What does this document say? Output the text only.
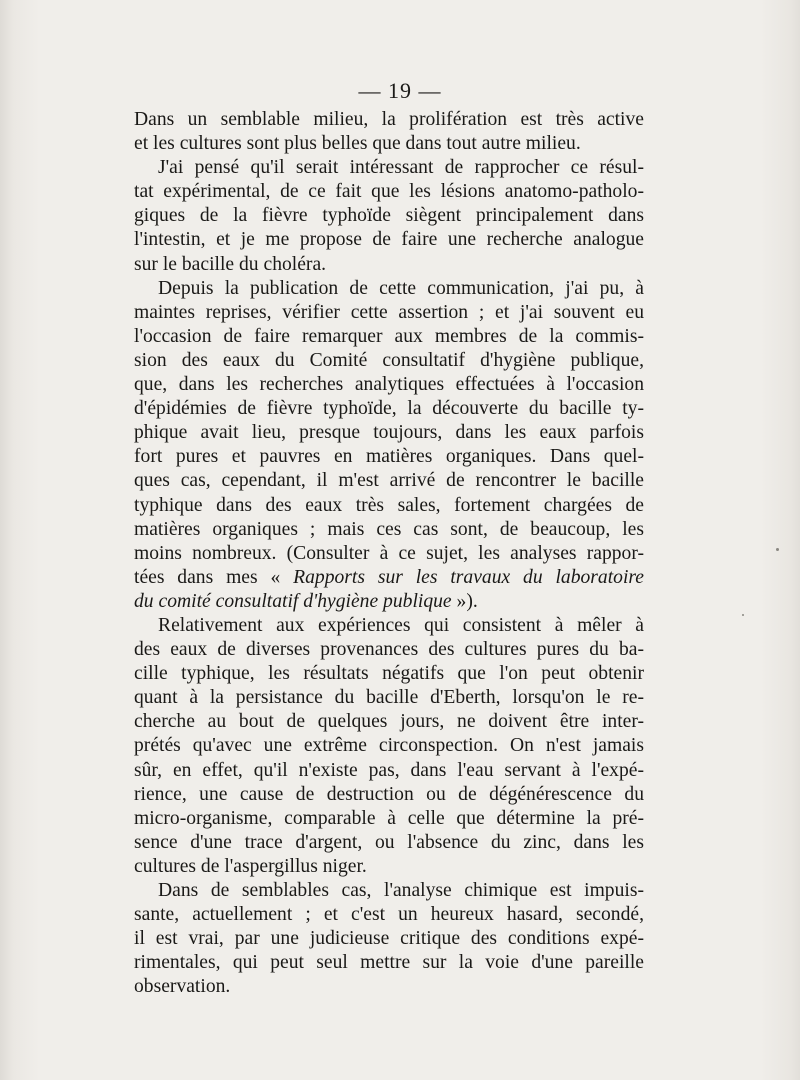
— 19 —

Dans un semblable milieu, la prolifération est très active
et les cultures sont plus belles que dans tout autre milieu.

J'ai pensé qu'il serait intéressant de rapprocher ce résul-
tat expérimental, de ce fait que les lésions anatomo-patholo-
giques de la fièvre typhoïde siègent principalement dans
l'intestin, et je me propose de faire une recherche analogue
sur le bacille du choléra.

Depuis la publication de cette communication, j'ai pu, à
maintes reprises, vérifier cette assertion ; et j'ai souvent eu
l'occasion de faire remarquer aux membres de la commis-
sion des eaux du Comité consultatif d'hygiène publique,
que, dans les recherches analytiques effectuées à l'occasion
d'épidémies de fièvre typhoïde, la découverte du bacille ty-
phique avait lieu, presque toujours, dans les eaux parfois
fort pures et pauvres en matières organiques. Dans quel-
ques cas, cependant, il m'est arrivé de rencontrer le bacille
typhique dans des eaux très sales, fortement chargées de
matières organiques ; mais ces cas sont, de beaucoup, les
moins nombreux. (Consulter à ce sujet, les analyses rappor-
tées dans mes « Rapports sur les travaux du laboratoire
du comité consultatif d'hygiène publique »).

Relativement aux expériences qui consistent à mêler à
des eaux de diverses provenances des cultures pures du ba-
cille typhique, les résultats négatifs que l'on peut obtenir
quant à la persistance du bacille d'Eberth, lorsqu'on le re-
cherche au bout de quelques jours, ne doivent être inter-
prétés qu'avec une extrême circonspection. On n'est jamais
sûr, en effet, qu'il n'existe pas, dans l'eau servant à l'expé-
rience, une cause de destruction ou de dégénérescence du
micro-organisme, comparable à celle que détermine la pré-
sence d'une trace d'argent, ou l'absence du zinc, dans les
cultures de l'aspergillus niger.

Dans de semblables cas, l'analyse chimique est impuis-
sante, actuellement ; et c'est un heureux hasard, secondé,
il est vrai, par une judicieuse critique des conditions expé-
rimentales, qui peut seul mettre sur la voie d'une pareille
observation.
